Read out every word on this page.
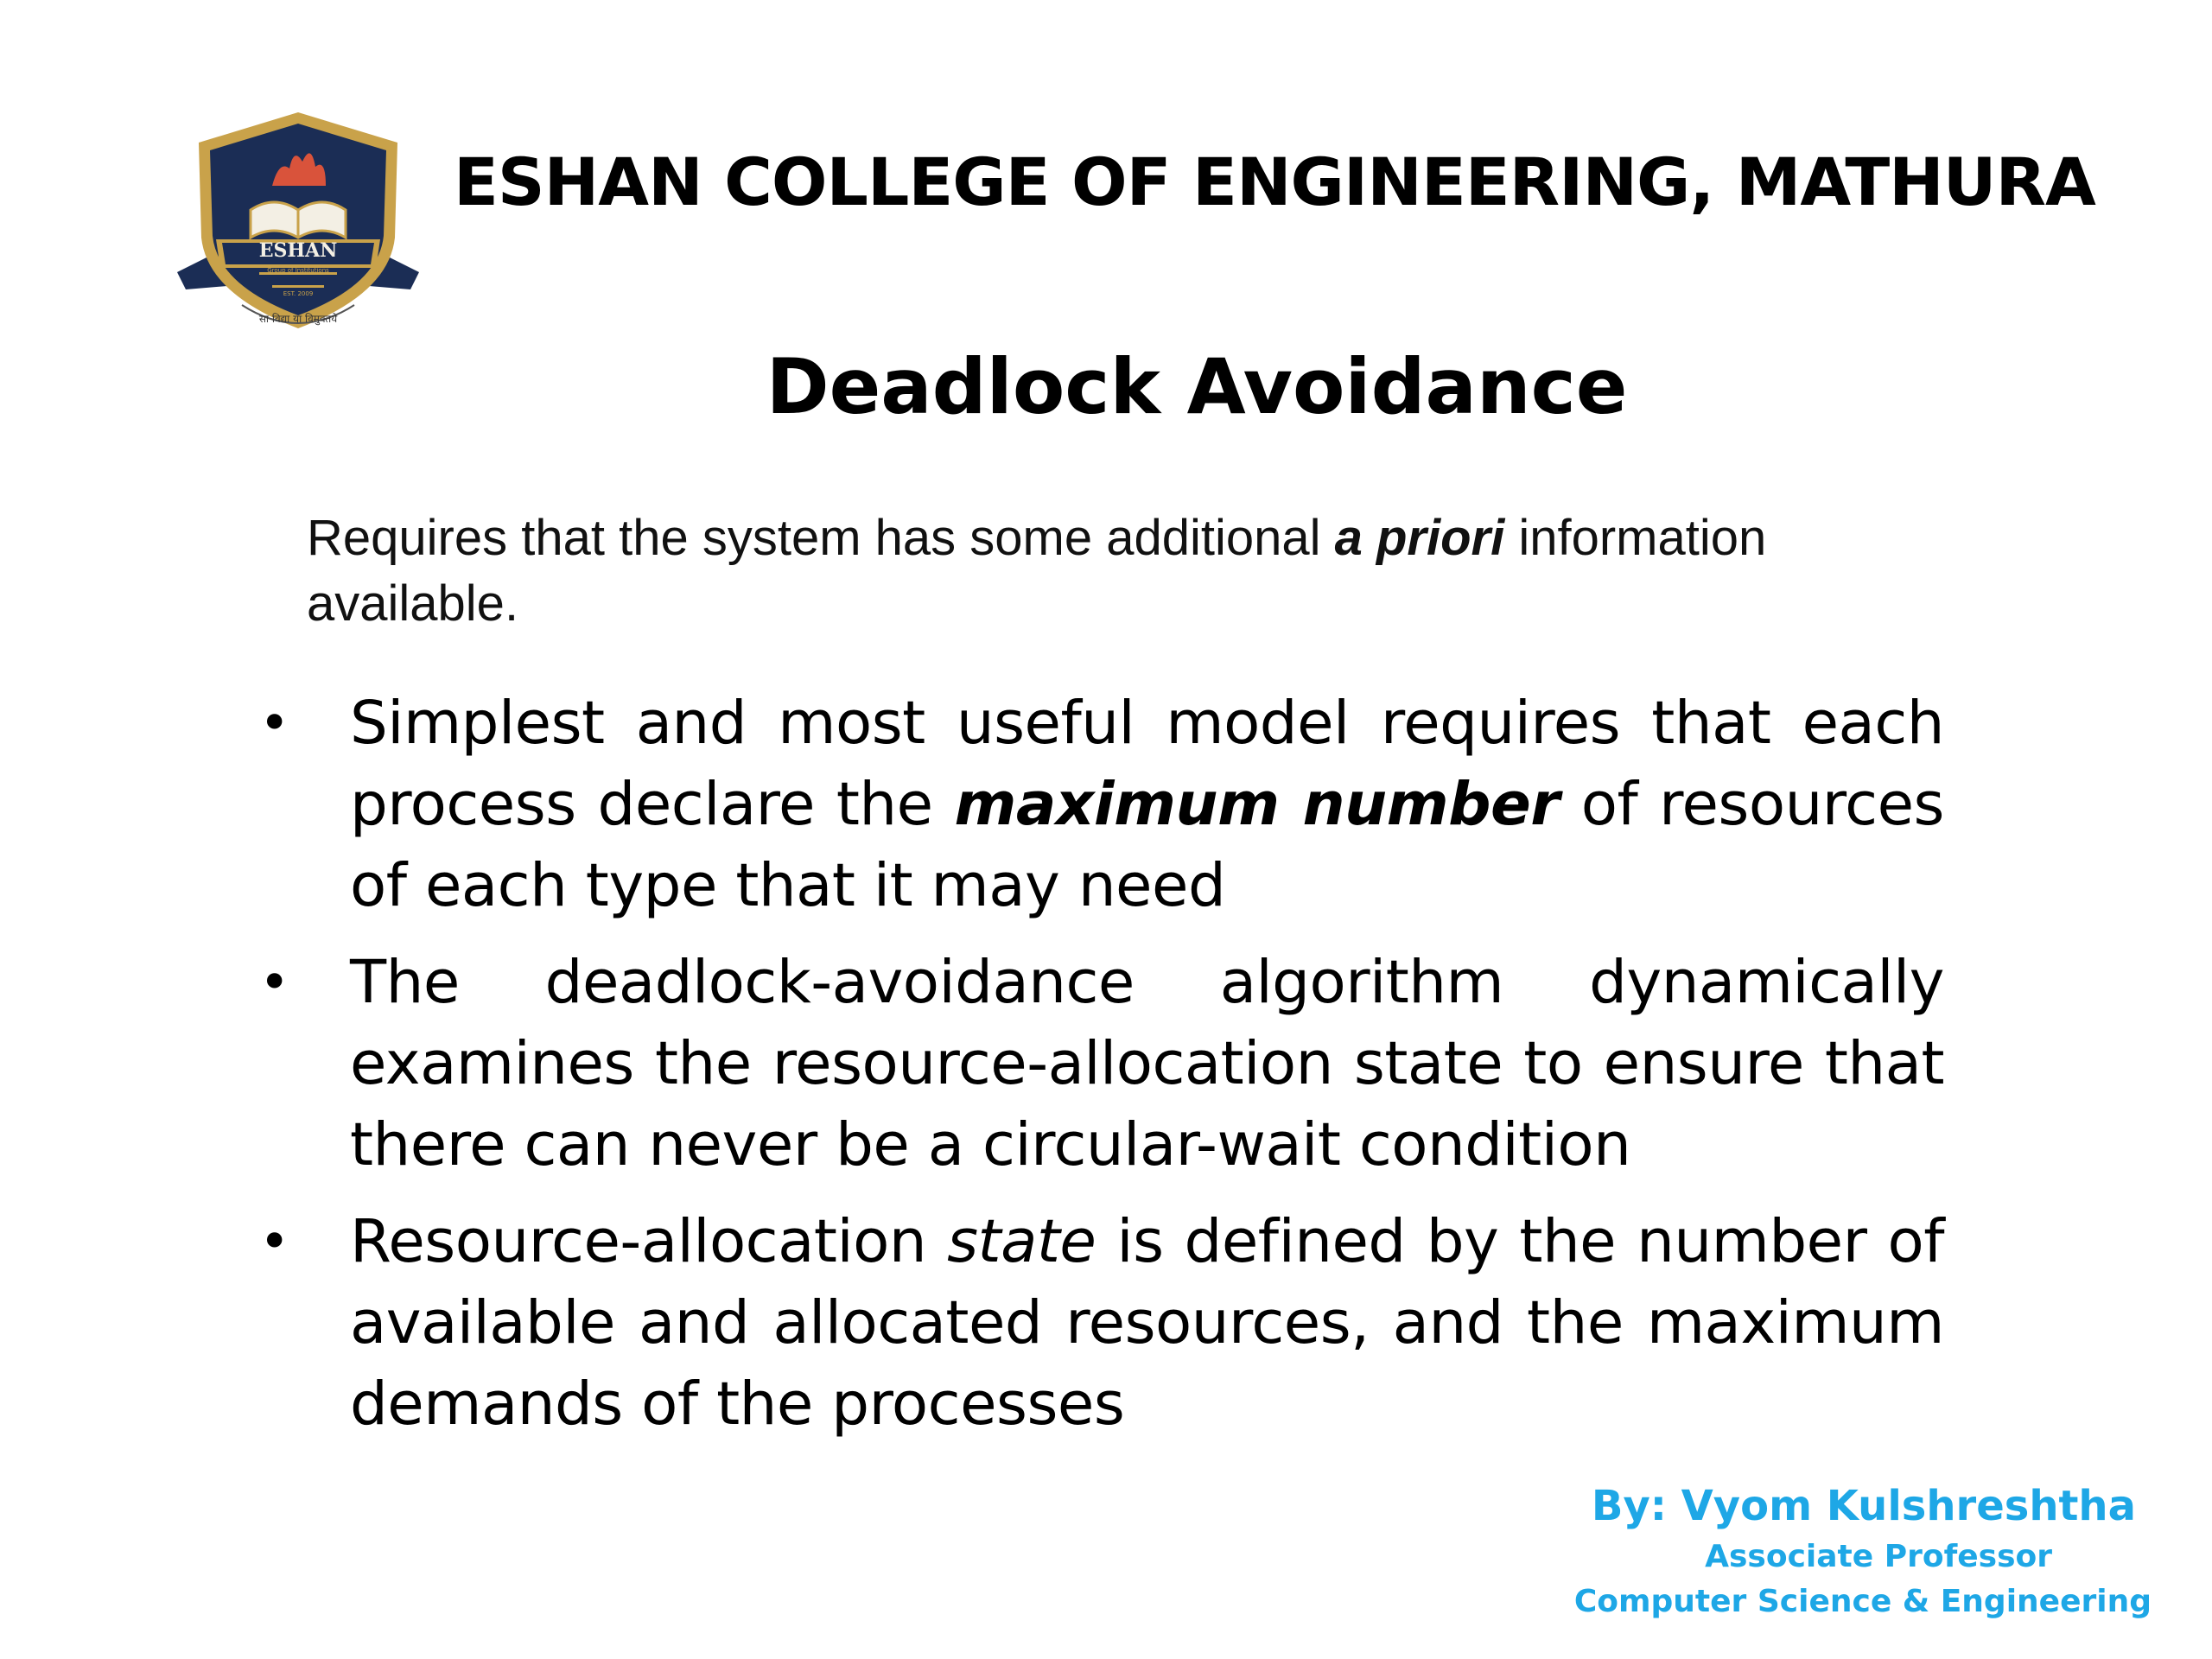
ESHAN
Group of Institutions
EST. 2009
सा विद्या या विमुक्तये
ESHAN COLLEGE OF ENGINEERING, MATHURA
Deadlock Avoidance
Requires that the system has some additional a priori information available.
• Simplest and most useful model requires that each process declare the maximum number of resources of each type that it may need
• The deadlock-avoidance algorithm dynamically examines the resource-allocation state to ensure that there can never be a circular-wait condition
• Resource-allocation state is defined by the number of available and allocated resources, and the maximum demands of the processes
By: Vyom Kulshreshtha
Associate Professor
Computer Science & Engineering
